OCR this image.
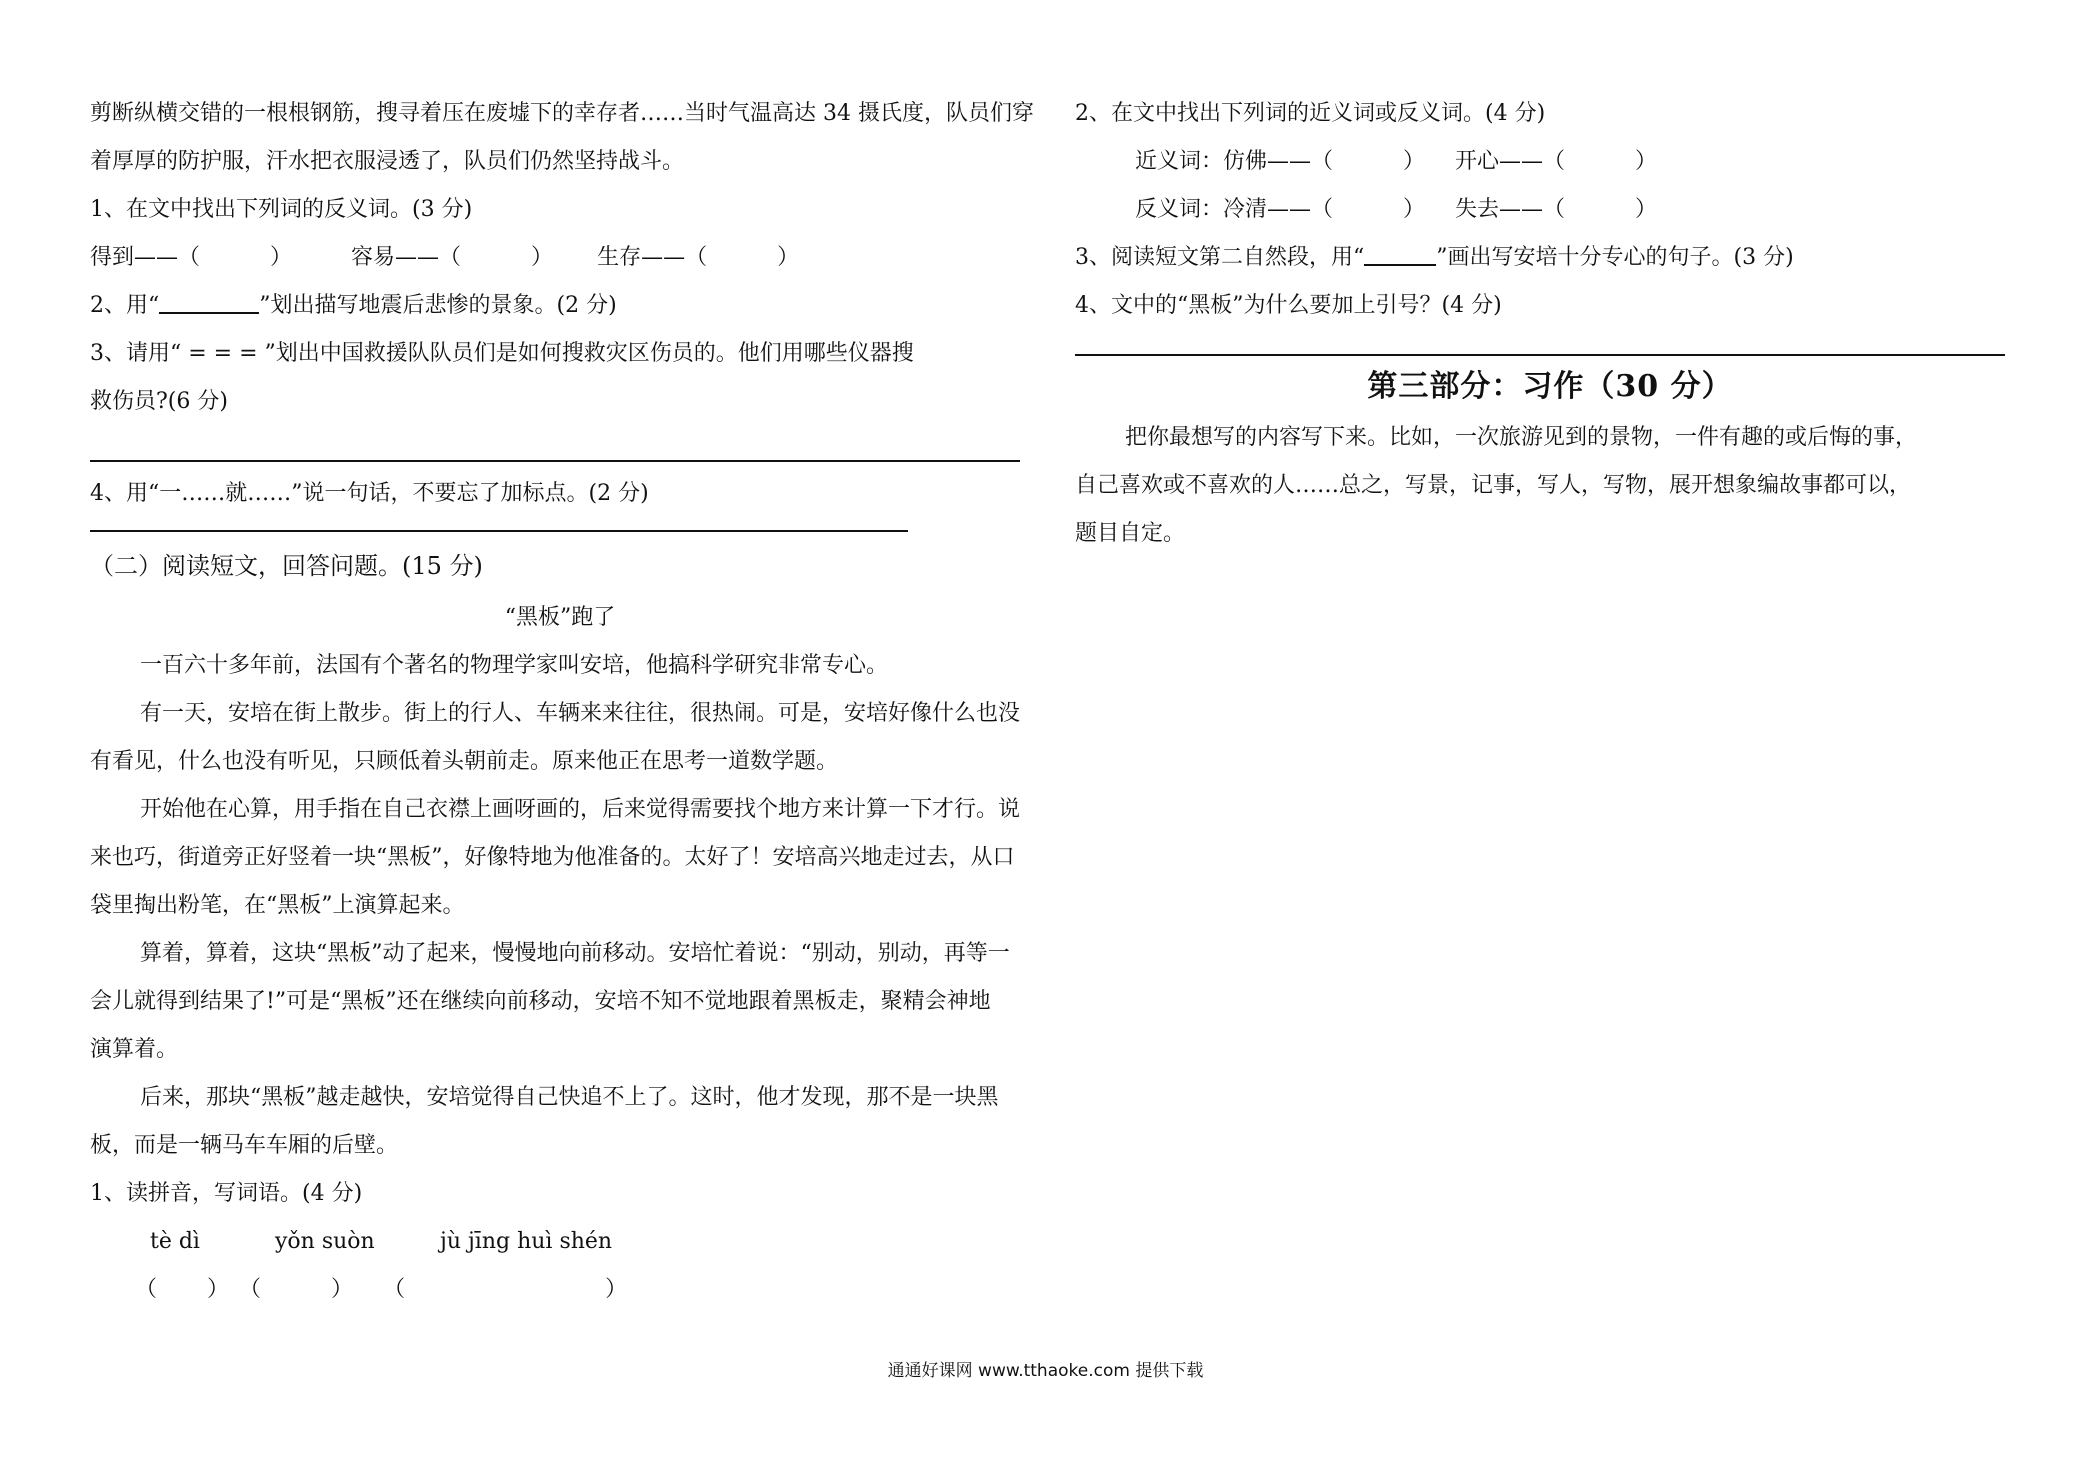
剪断纵横交错的一根根钢筋，搜寻着压在废墟下的幸存者……当时气温高达 34 摄氏度，队员们穿
着厚厚的防护服，汗水把衣服浸透了，队员们仍然坚持战斗。
1、在文中找出下列词的反义词。(3 分)
得到——（	）	容易——（	） 生存——（	）
2、用“	”划出描写地震后悲惨的景象。(2 分)
3、请用“ = = = ”划出中国救援队队员们是如何搜救灾区伤员的。他们用哪些仪器搜
救伤员?(6 分)
4、用“一……就……”说一句话，不要忘了加标点。(2 分)
（二）阅读短文，回答问题。(15 分)
“黑板”跑了
一百六十多年前，法国有个著名的物理学家叫安培，他搞科学研究非常专心。
有一天，安培在街上散步。街上的行人、车辆来来往往，很热闹。可是，安培好像什么也没
有看见，什么也没有听见，只顾低着头朝前走。原来他正在思考一道数学题。
开始他在心算，用手指在自己衣襟上画呀画的，后来觉得需要找个地方来计算一下才行。说
来也巧，街道旁正好竖着一块“黑板”，好像特地为他准备的。太好了！安培高兴地走过去，从口
袋里掏出粉笔，在“黑板”上演算起来。
算着，算着，这块“黑板”动了起来，慢慢地向前移动。安培忙着说：“别动，别动，再等一
会儿就得到结果了!”可是“黑板”还在继续向前移动，安培不知不觉地跟着黑板走，聚精会神地
演算着。
后来，那块“黑板”越走越快，安培觉得自己快追不上了。这时，他才发现，那不是一块黑
板，而是一辆马车车厢的后壁。
1、读拼音，写词语。(4 分)
tè dì	yǒn suòn	jù jīng huì shén
（ ） （	） （	）
2、在文中找出下列词的近义词或反义词。(4 分)
近义词：仿佛——（	） 开心——（	）
反义词：冷清——（	） 失去——（	）
3、阅读短文第二自然段，用“	”画出写安培十分专心的句子。(3 分)
4、文中的“黑板”为什么要加上引号？(4 分)
第三部分：习作（30 分）
把你最想写的内容写下来。比如，一次旅游见到的景物，一件有趣的或后悔的事，
自己喜欢或不喜欢的人……总之，写景，记事，写人，写物，展开想象编故事都可以，
题目自定。
通通好课网 www.tthaoke.com 提供下载
